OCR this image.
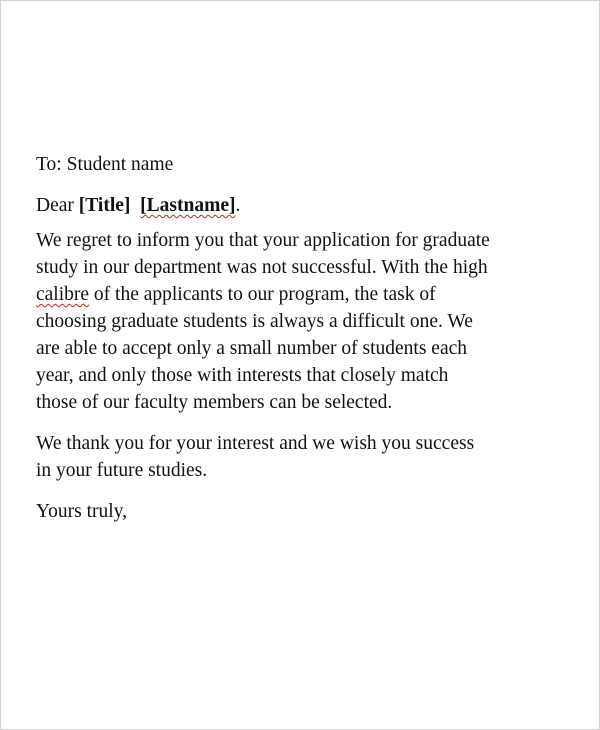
To: Student name

Dear [Title] [Lastname].

We regret to inform you that your application for graduate
study in our department was not successful. With the high
calibre of the applicants to our program, the task of
choosing graduate students is always a difficult one. We
are able to accept only a small number of students each
year, and only those with interests that closely match
those of our faculty members can be selected.

We thank you for your interest and we wish you success
in your future studies.

Yours truly,
